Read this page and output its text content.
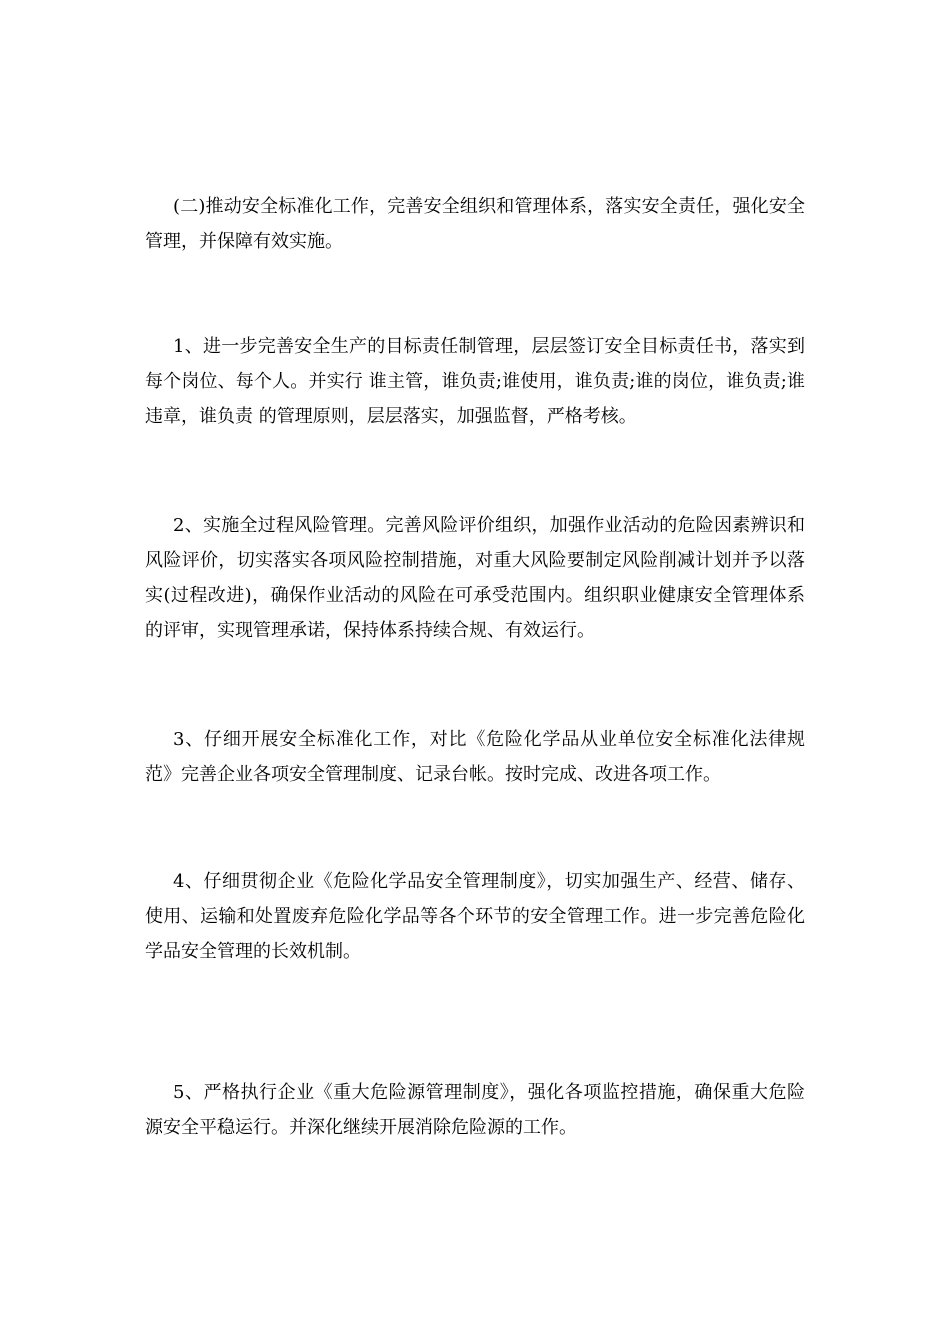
(二)推动安全标准化工作，完善安全组织和管理体系，落实安全责任，强化安全管理，并保障有效实施。

1、进一步完善安全生产的目标责任制管理，层层签订安全目标责任书，落实到每个岗位、每个人。并实行 谁主管，谁负责;谁使用，谁负责;谁的岗位，谁负责;谁违章，谁负责 的管理原则，层层落实，加强监督，严格考核。

2、实施全过程风险管理。完善风险评价组织，加强作业活动的危险因素辨识和风险评价，切实落实各项风险控制措施，对重大风险要制定风险削减计划并予以落实(过程改进)，确保作业活动的风险在可承受范围内。组织职业健康安全管理体系的评审，实现管理承诺，保持体系持续合规、有效运行。

3、仔细开展安全标准化工作，对比《危险化学品从业单位安全标准化法律规范》完善企业各项安全管理制度、记录台帐。按时完成、改进各项工作。

4、仔细贯彻企业《危险化学品安全管理制度》，切实加强生产、经营、储存、使用、运输和处置废弃危险化学品等各个环节的安全管理工作。进一步完善危险化学品安全管理的长效机制。

5、严格执行企业《重大危险源管理制度》，强化各项监控措施，确保重大危险源安全平稳运行。并深化继续开展消除危险源的工作。
